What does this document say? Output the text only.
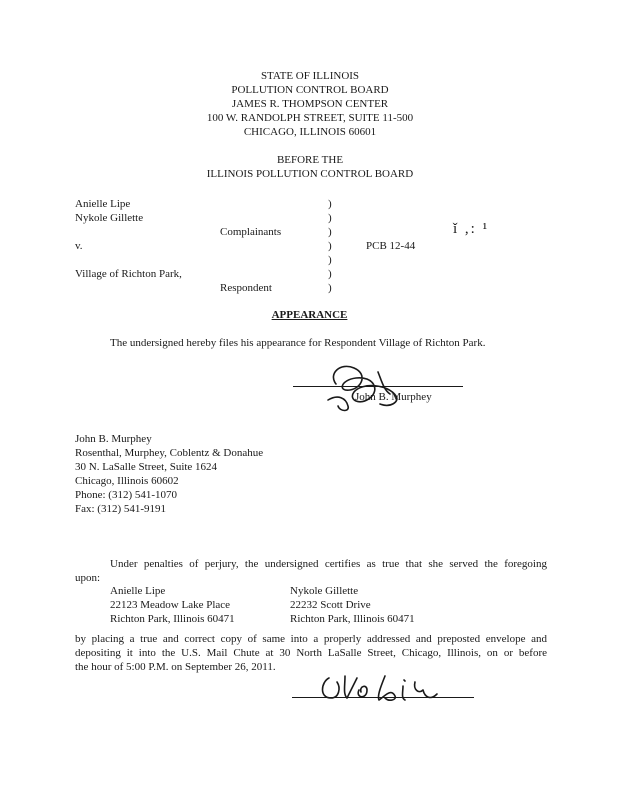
STATE OF ILLINOIS
POLLUTION CONTROL BOARD
JAMES R. THOMPSON CENTER
100 W. RANDOLPH STREET, SUITE 11-500
CHICAGO, ILLINOIS 60601
BEFORE THE
ILLINOIS POLLUTION CONTROL BOARD
Anielle Lipe
Nykole Gillette
Complainants
v.
Village of Richton Park,
Respondent
PCB 12-44
ǐ ,: ¹
)
)
)
)
)
)
)
APPEARANCE
The undersigned hereby files his appearance for Respondent Village of Richton Park.
John B. Murphey
John B. Murphey
Rosenthal, Murphey, Coblentz & Donahue
30 N. LaSalle Street, Suite 1624
Chicago, Illinois 60602
Phone: (312) 541-1070
Fax: (312) 541-9191
Under penalties of perjury, the undersigned certifies as true that she served the foregoing
upon:
Anielle Lipe
22123 Meadow Lake Place
Richton Park, Illinois 60471
Nykole Gillette
22232 Scott Drive
Richton Park, Illinois 60471
by placing a true and correct copy of same into a properly addressed and preposted envelope and
depositing it into the U.S. Mail Chute at 30 North LaSalle Street, Chicago, Illinois, on or before
the hour of 5:00 P.M. on September 26, 2011.
